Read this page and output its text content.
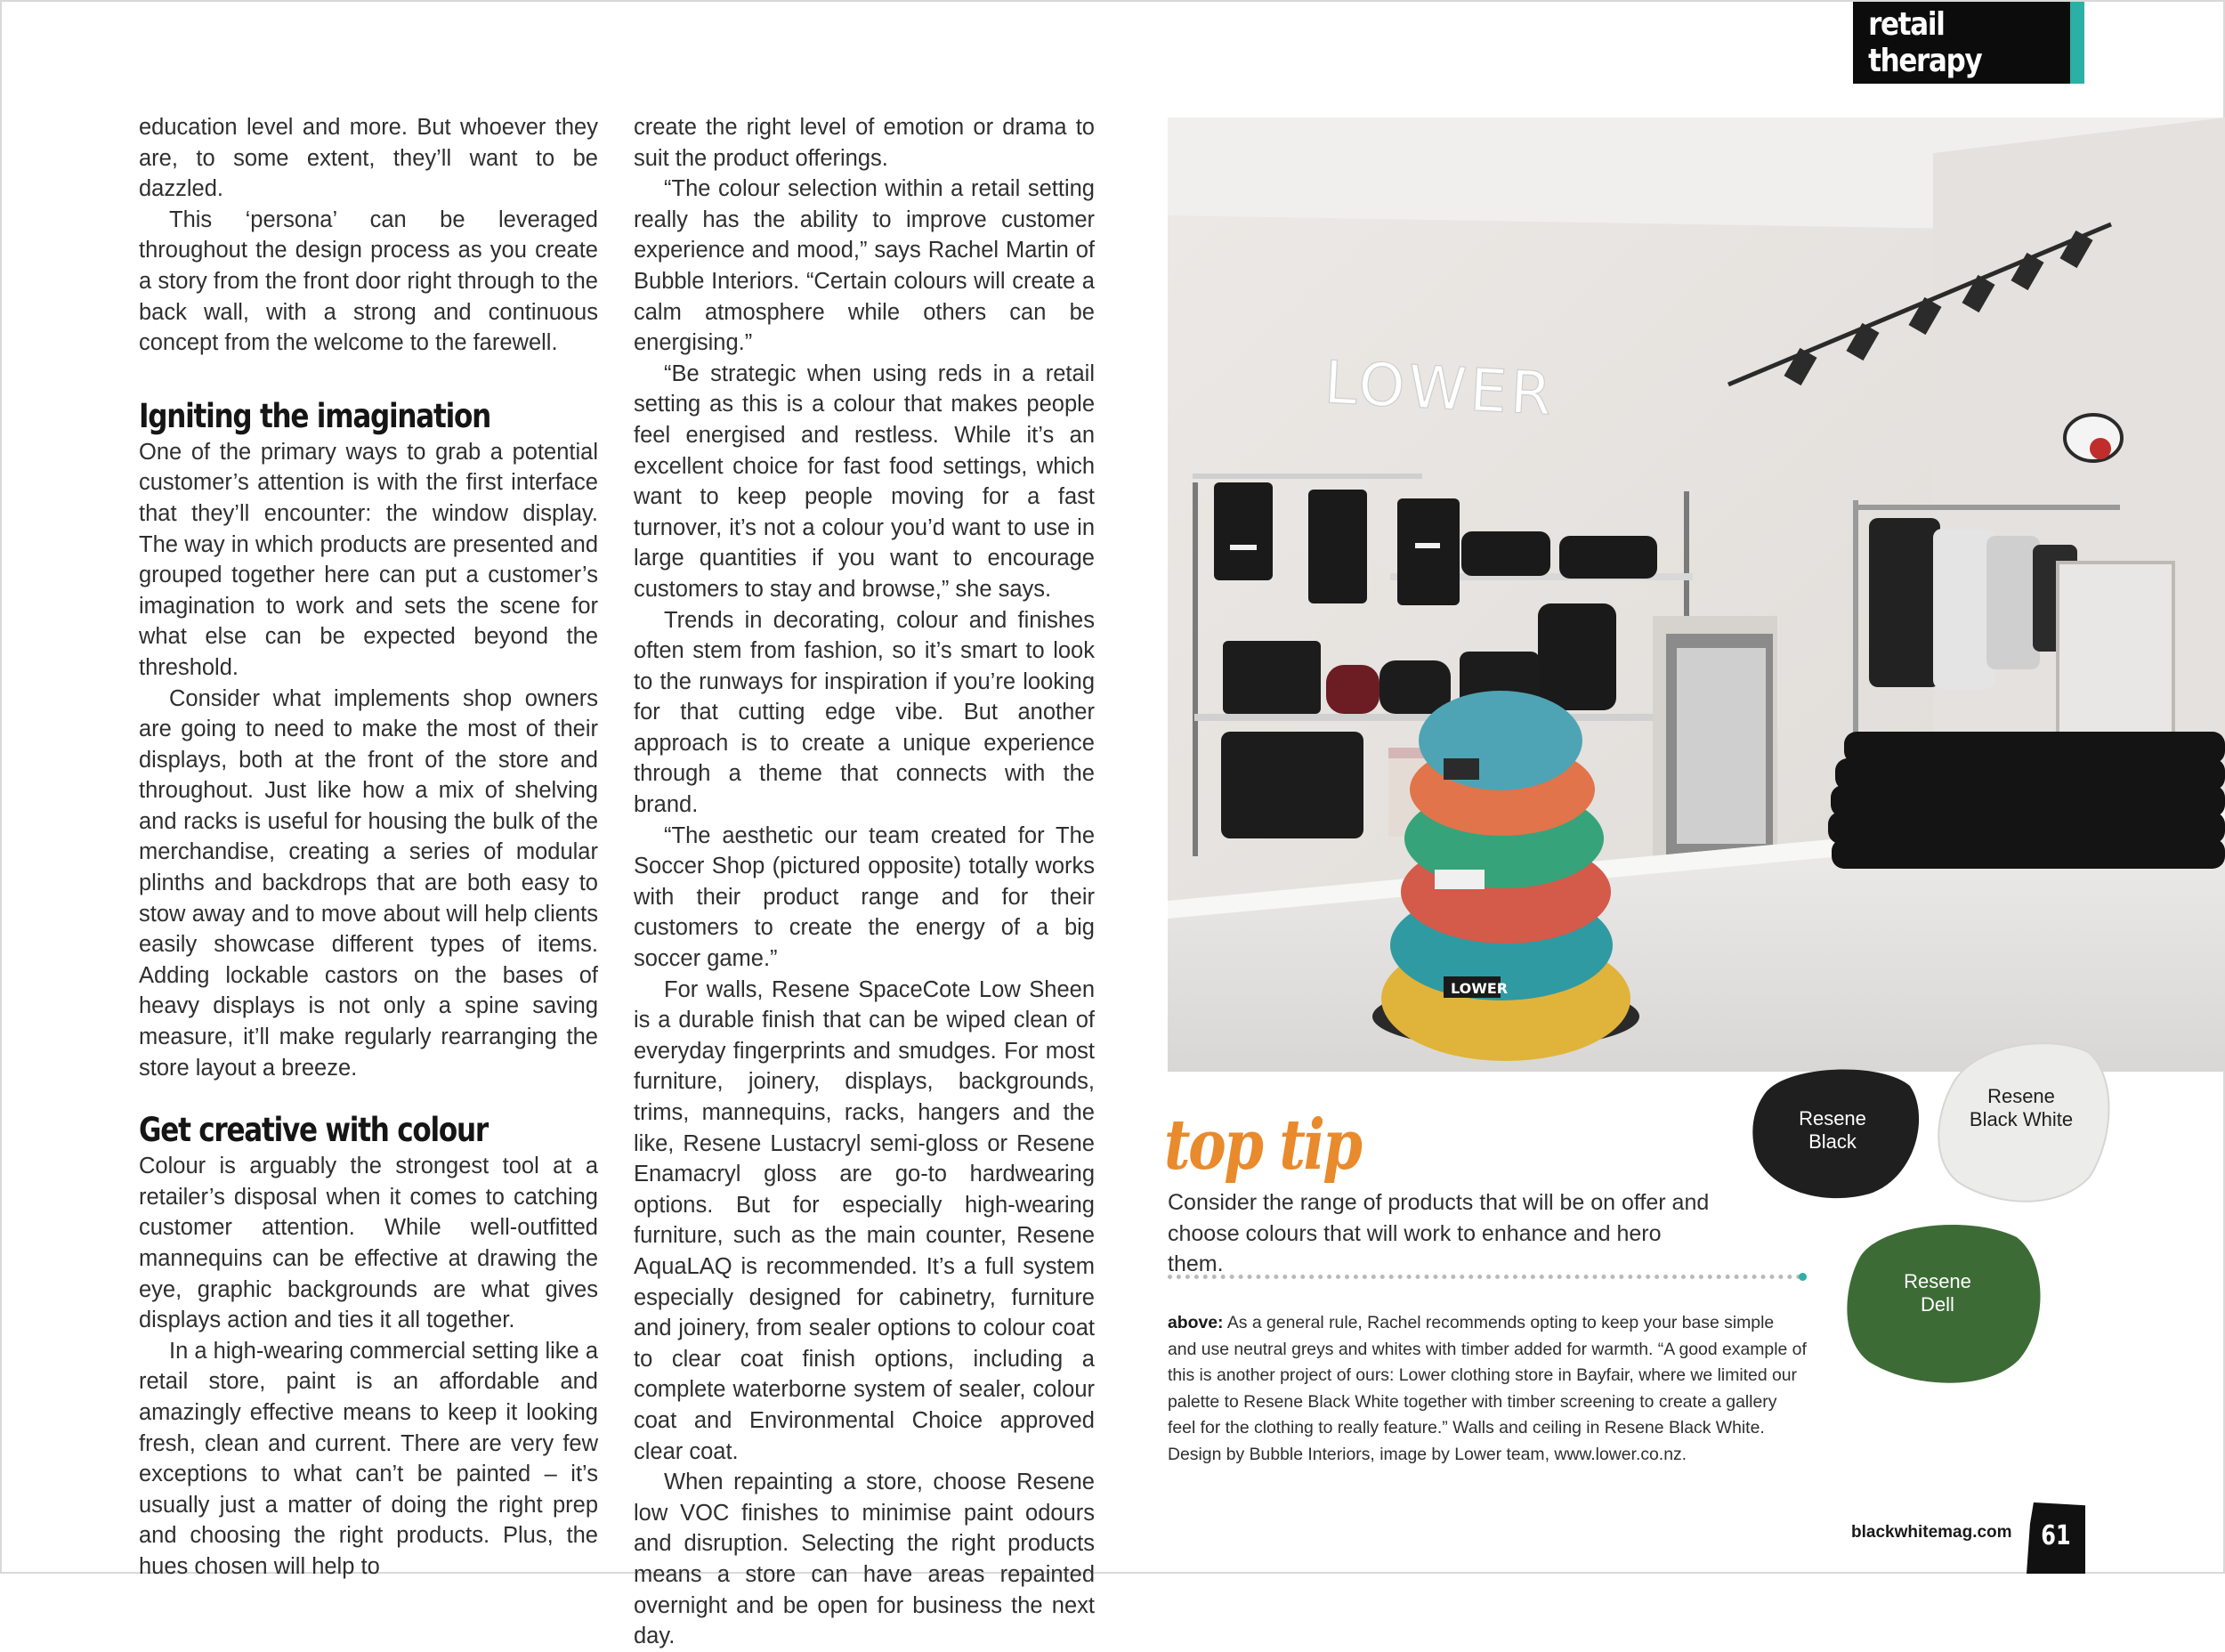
retail therapy

education level and more. But whoever they are, to some extent, they’ll want to be dazzled.

This ‘persona’ can be leveraged throughout the design process as you create a story from the front door right through to the back wall, with a strong and continuous concept from the welcome to the farewell.

Igniting the imagination

One of the primary ways to grab a potential customer’s attention is with the first interface that they’ll encounter: the window display. The way in which products are presented and grouped together here can put a customer’s imagination to work and sets the scene for what else can be expected beyond the threshold.

Consider what implements shop owners are going to need to make the most of their displays, both at the front of the store and throughout. Just like how a mix of shelving and racks is useful for housing the bulk of the merchandise, creating a series of modular plinths and backdrops that are both easy to stow away and to move about will help clients easily showcase different types of items. Adding lockable castors on the bases of heavy displays is not only a spine saving measure, it’ll make regularly rearranging the store layout a breeze.

Get creative with colour

Colour is arguably the strongest tool at a retailer’s disposal when it comes to catching customer attention. While well-outfitted mannequins can be effective at drawing the eye, graphic backgrounds are what gives displays action and ties it all together.

In a high-wearing commercial setting like a retail store, paint is an affordable and amazingly effective means to keep it looking fresh, clean and current. There are very few exceptions to what can’t be painted – it’s usually just a matter of doing the right prep and choosing the right products. Plus, the hues chosen will help to

create the right level of emotion or drama to suit the product offerings.

“The colour selection within a retail setting really has the ability to improve customer experience and mood,” says Rachel Martin of Bubble Interiors. “Certain colours will create a calm atmosphere while others can be energising.”

“Be strategic when using reds in a retail setting as this is a colour that makes people feel energised and restless. While it’s an excellent choice for fast food settings, which want to keep people moving for a fast turnover, it’s not a colour you’d want to use in large quantities if you want to encourage customers to stay and browse,” she says.

Trends in decorating, colour and finishes often stem from fashion, so it’s smart to look to the runways for inspiration if you’re looking for that cutting edge vibe. But another approach is to create a unique experience through a theme that connects with the brand.

“The aesthetic our team created for The Soccer Shop (pictured opposite) totally works with their product range and for their customers to create the energy of a big soccer game.”

For walls, Resene SpaceCote Low Sheen is a durable finish that can be wiped clean of everyday fingerprints and smudges. For most furniture, joinery, displays, backgrounds, trims, mannequins, racks, hangers and the like, Resene Lustacryl semi-gloss or Resene Enamacryl gloss are go-to hardwearing options. But for especially high-wearing furniture, such as the main counter, Resene AquaLAQ is recommended. It’s a full system especially designed for cabinetry, furniture and joinery, from sealer options to colour coat to clear coat finish options, including a complete waterborne system of sealer, colour coat and Environmental Choice approved clear coat.

When repainting a store, choose Resene low VOC finishes to minimise paint odours and disruption. Selecting the right products means a store can have areas repainted overnight and be open for business the next day.

LOWER
LOWER
Resene
Black
Resene
Black White
Resene
Dell
top tip
Consider the range of products that will be on offer and choose colours that will work to enhance and hero them.
above: As a general rule, Rachel recommends opting to keep your base simple and use neutral greys and whites with timber added for warmth. “A good example of this is another project of ours: Lower clothing store in Bayfair, where we limited our palette to Resene Black White together with timber screening to create a gallery feel for the clothing to really feature.” Walls and ceiling in Resene Black White. Design by Bubble Interiors, image by Lower team, www.lower.co.nz.
blackwhitemag.com 61
